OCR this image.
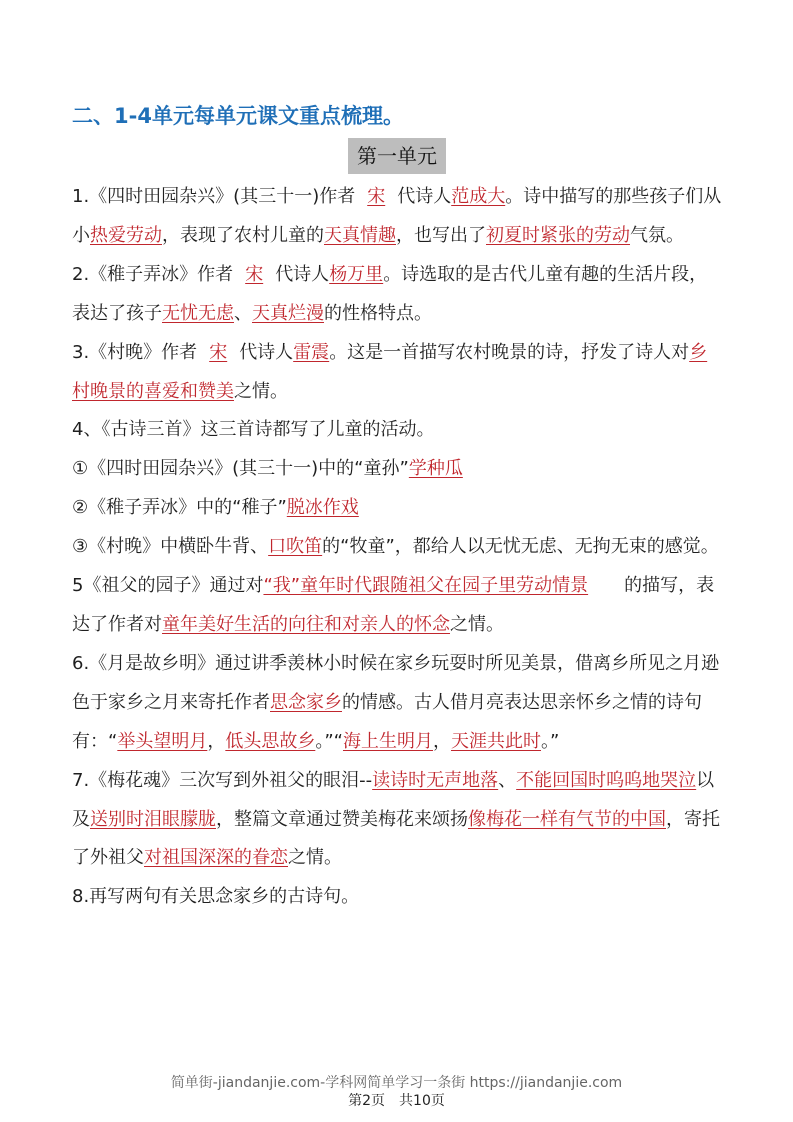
二、1-4单元每单元课文重点梳理。
第一单元

1.《四时田园杂兴》(其三十一)作者 宋 代诗人范成大。诗中描写的那些孩子们从小热爱劳动，表现了农村儿童的天真情趣，也写出了初夏时紧张的劳动气氛。

2.《稚子弄冰》作者 宋 代诗人杨万里。诗选取的是古代儿童有趣的生活片段，表达了孩子无忧无虑、天真烂漫的性格特点。

3.《村晚》作者 宋 代诗人雷震。这是一首描写农村晚景的诗，抒发了诗人对乡村晚景的喜爱和赞美之情。

4、《古诗三首》这三首诗都写了儿童的活动。

①《四时田园杂兴》(其三十一)中的“童孙”学种瓜

②《稚子弄冰》中的“稚子”脱冰作戏

③《村晚》中横卧牛背、口吹笛的“牧童”，都给人以无忧无虑、无拘无束的感觉。

5《祖父的园子》通过对“我”童年时代跟随祖父在园子里劳动情景 的描写，表达了作者对童年美好生活的向往和对亲人的怀念之情。

6.《月是故乡明》通过讲季羡林小时候在家乡玩耍时所见美景，借离乡所见之月逊色于家乡之月来寄托作者思念家乡的情感。古人借月亮表达思亲怀乡之情的诗句有：“举头望明月，低头思故乡。”“海上生明月，天涯共此时。”

7.《梅花魂》三次写到外祖父的眼泪--读诗时无声地落、不能回国时呜呜地哭泣以及送别时泪眼朦胧，整篇文章通过赞美梅花来颂扬像梅花一样有气节的中国，寄托了外祖父对祖国深深的眷恋之情。

8.再写两句有关思念家乡的古诗句。

简单街-jiandanjie.com-学科网简单学习一条街 https://jiandanjie.com
第2页　共10页
